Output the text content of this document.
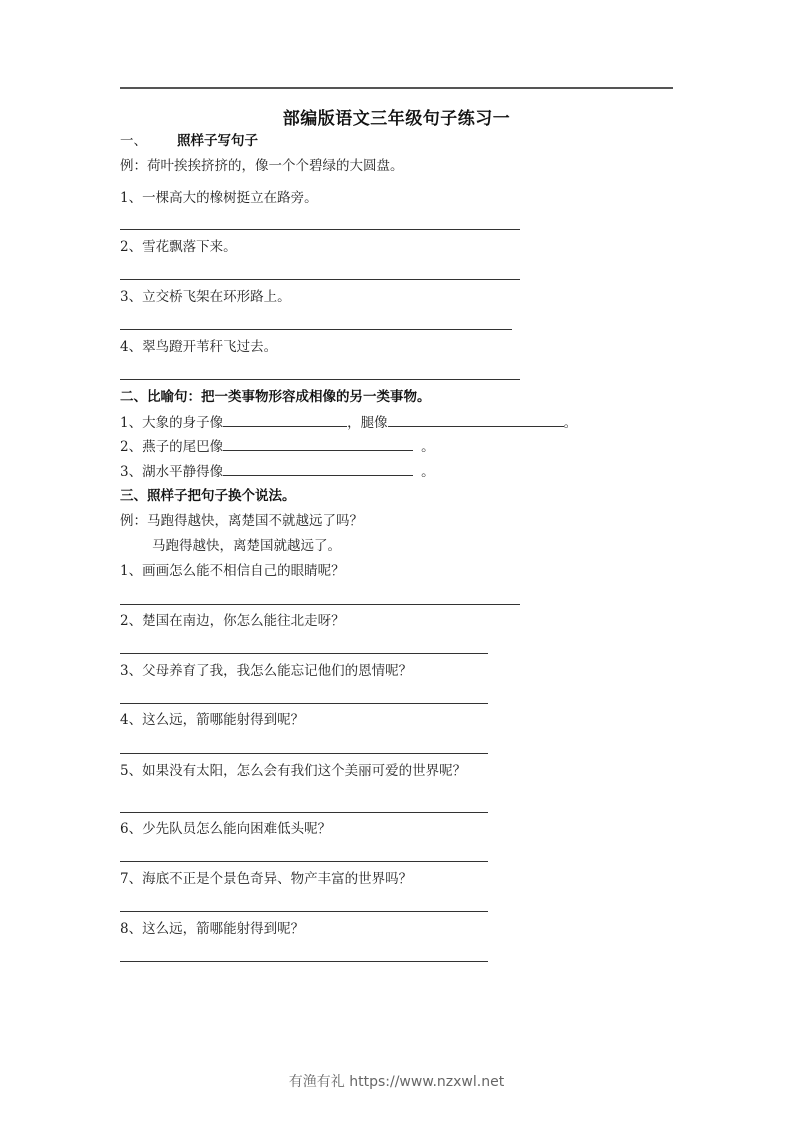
部编版语文三年级句子练习一
一、 照样子写句子
例：荷叶挨挨挤挤的，像一个个碧绿的大圆盘。
1、一棵高大的橡树挺立在路旁。
2、雪花飘落下来。
3、立交桥飞架在环形路上。
4、翠鸟蹬开苇秆飞过去。
二、比喻句：把一类事物形容成相像的另一类事物。
1、大象的身子像	，腿像	。
2、燕子的尾巴像	。
3、湖水平静得像	。
三、照样子把句子换个说法。
例：马跑得越快，离楚国不就越远了吗？
马跑得越快，离楚国就越远了。
1、画画怎么能不相信自己的眼睛呢？
2、楚国在南边，你怎么能往北走呀？
3、父母养育了我，我怎么能忘记他们的恩情呢？
4、这么远，箭哪能射得到呢？
5、如果没有太阳，怎么会有我们这个美丽可爱的世界呢？
6、少先队员怎么能向困难低头呢？
7、海底不正是个景色奇异、物产丰富的世界吗？
8、这么远，箭哪能射得到呢？
有渔有礼 https://www.nzxwl.net
